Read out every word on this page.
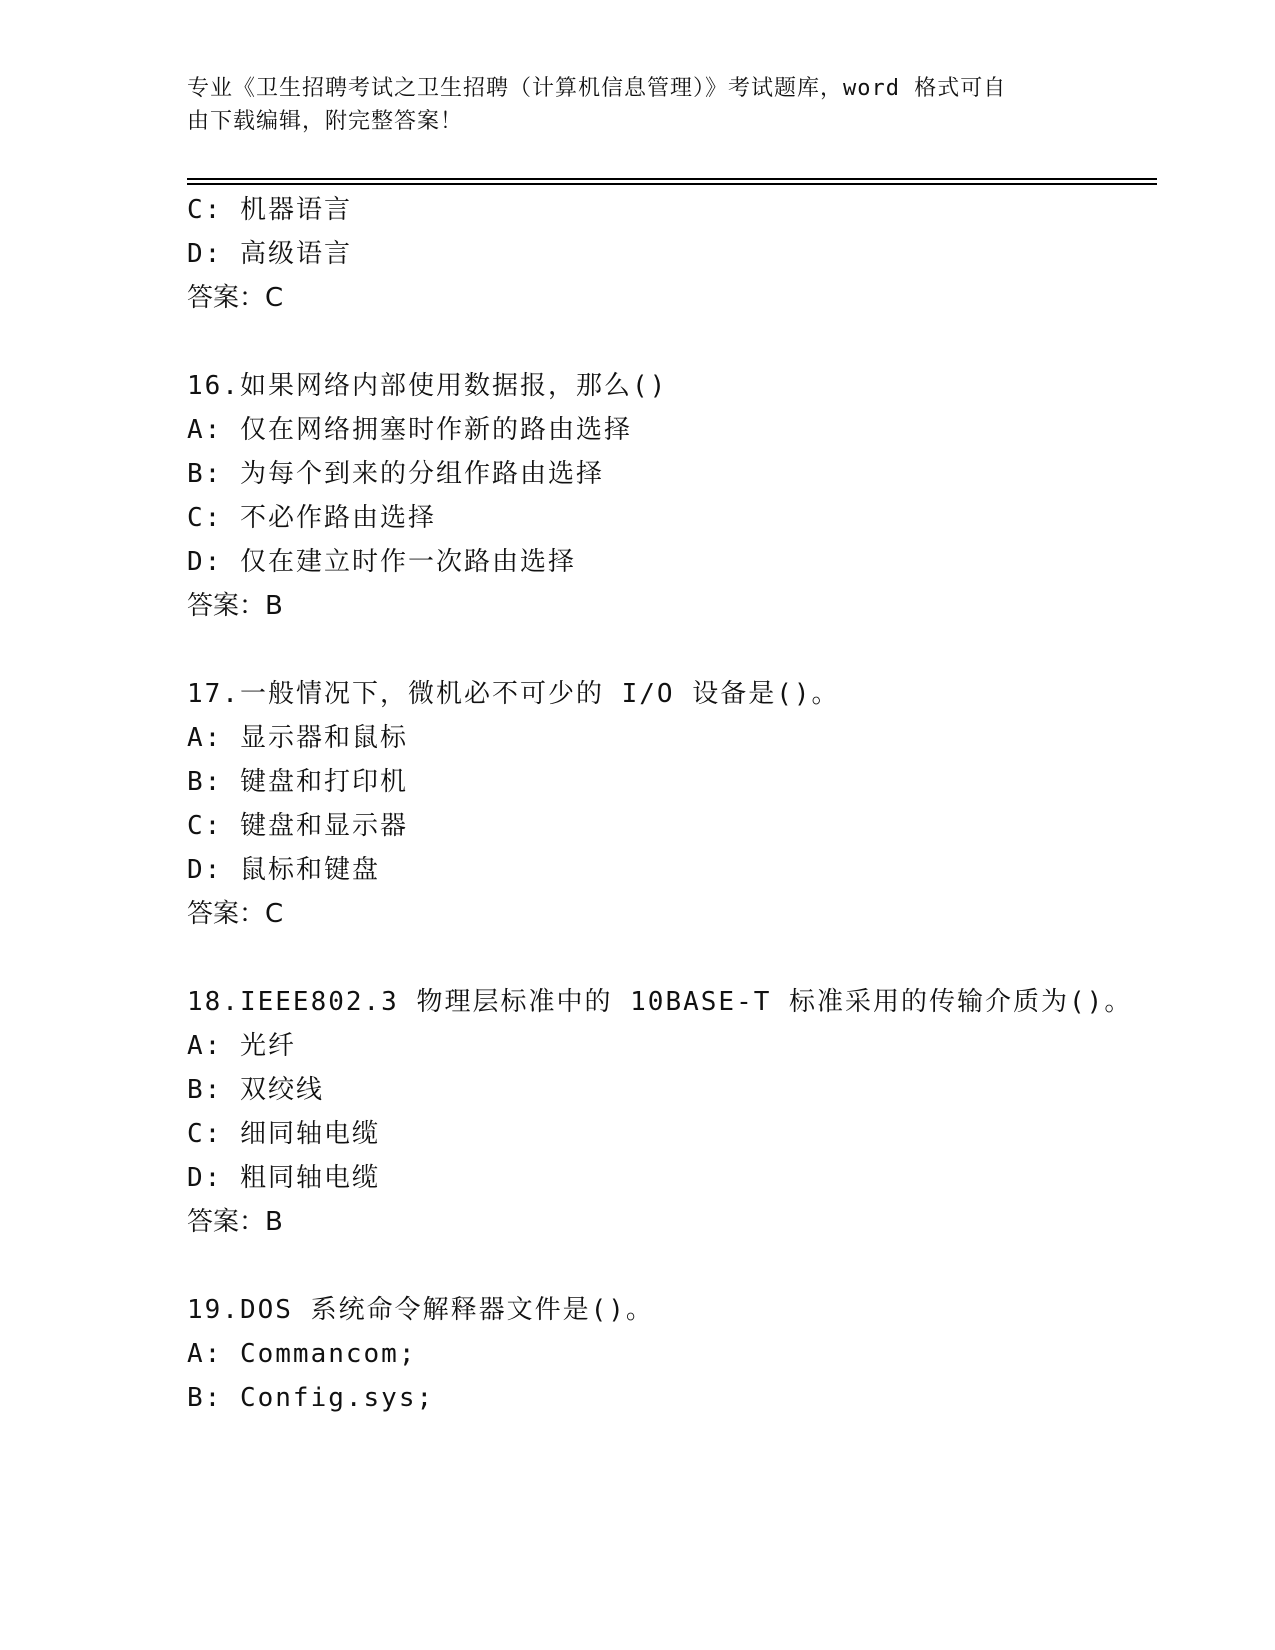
专业《卫生招聘考试之卫生招聘（计算机信息管理）》考试题库，word 格式可自
由下载编辑，附完整答案！
C: 机器语言
D: 高级语言
答案：C
16.如果网络内部使用数据报，那么()
A: 仅在网络拥塞时作新的路由选择
B: 为每个到来的分组作路由选择
C: 不必作路由选择
D: 仅在建立时作一次路由选择
答案：B
17.一般情况下，微机必不可少的 I/O 设备是()。
A: 显示器和鼠标
B: 键盘和打印机
C: 键盘和显示器
D: 鼠标和键盘
答案：C
18.IEEE802.3 物理层标准中的 10BASE-T 标准采用的传输介质为()。
A: 光纤
B: 双绞线
C: 细同轴电缆
D: 粗同轴电缆
答案：B
19.DOS 系统命令解释器文件是()。
A: Commancom;
B: Config.sys;
